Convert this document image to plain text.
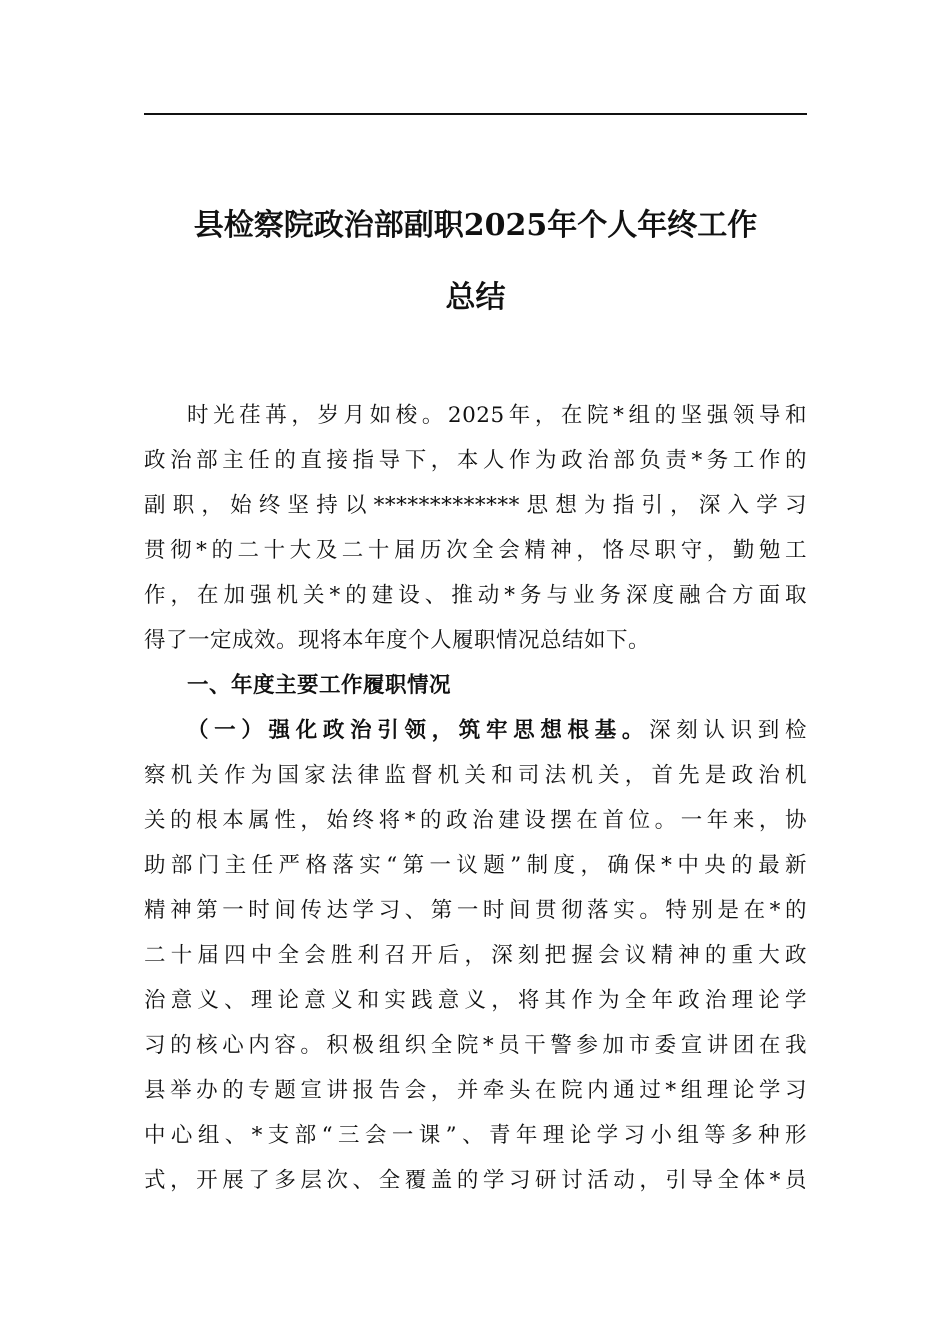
县检察院政治部副职2025年个人年终工作
总结
时光荏苒，岁月如梭。2025年，在院*组的坚强领导和
政治部主任的直接指导下，本人作为政治部负责*务工作的
副职，始终坚持以*************思想为指引，深入学习
贯彻*的二十大及二十届历次全会精神，恪尽职守，勤勉工
作，在加强机关*的建设、推动*务与业务深度融合方面取
得了一定成效。现将本年度个人履职情况总结如下。
一、年度主要工作履职情况
（一）强化政治引领，筑牢思想根基。深刻认识到检
察机关作为国家法律监督机关和司法机关，首先是政治机
关的根本属性，始终将*的政治建设摆在首位。一年来，协
助部门主任严格落实“第一议题”制度，确保*中央的最新
精神第一时间传达学习、第一时间贯彻落实。特别是在*的
二十届四中全会胜利召开后，深刻把握会议精神的重大政
治意义、理论意义和实践意义，将其作为全年政治理论学
习的核心内容。积极组织全院*员干警参加市委宣讲团在我
县举办的专题宣讲报告会，并牵头在院内通过*组理论学习
中心组、*支部“三会一课”、青年理论学习小组等多种形
式，开展了多层次、全覆盖的学习研讨活动，引导全体*员
